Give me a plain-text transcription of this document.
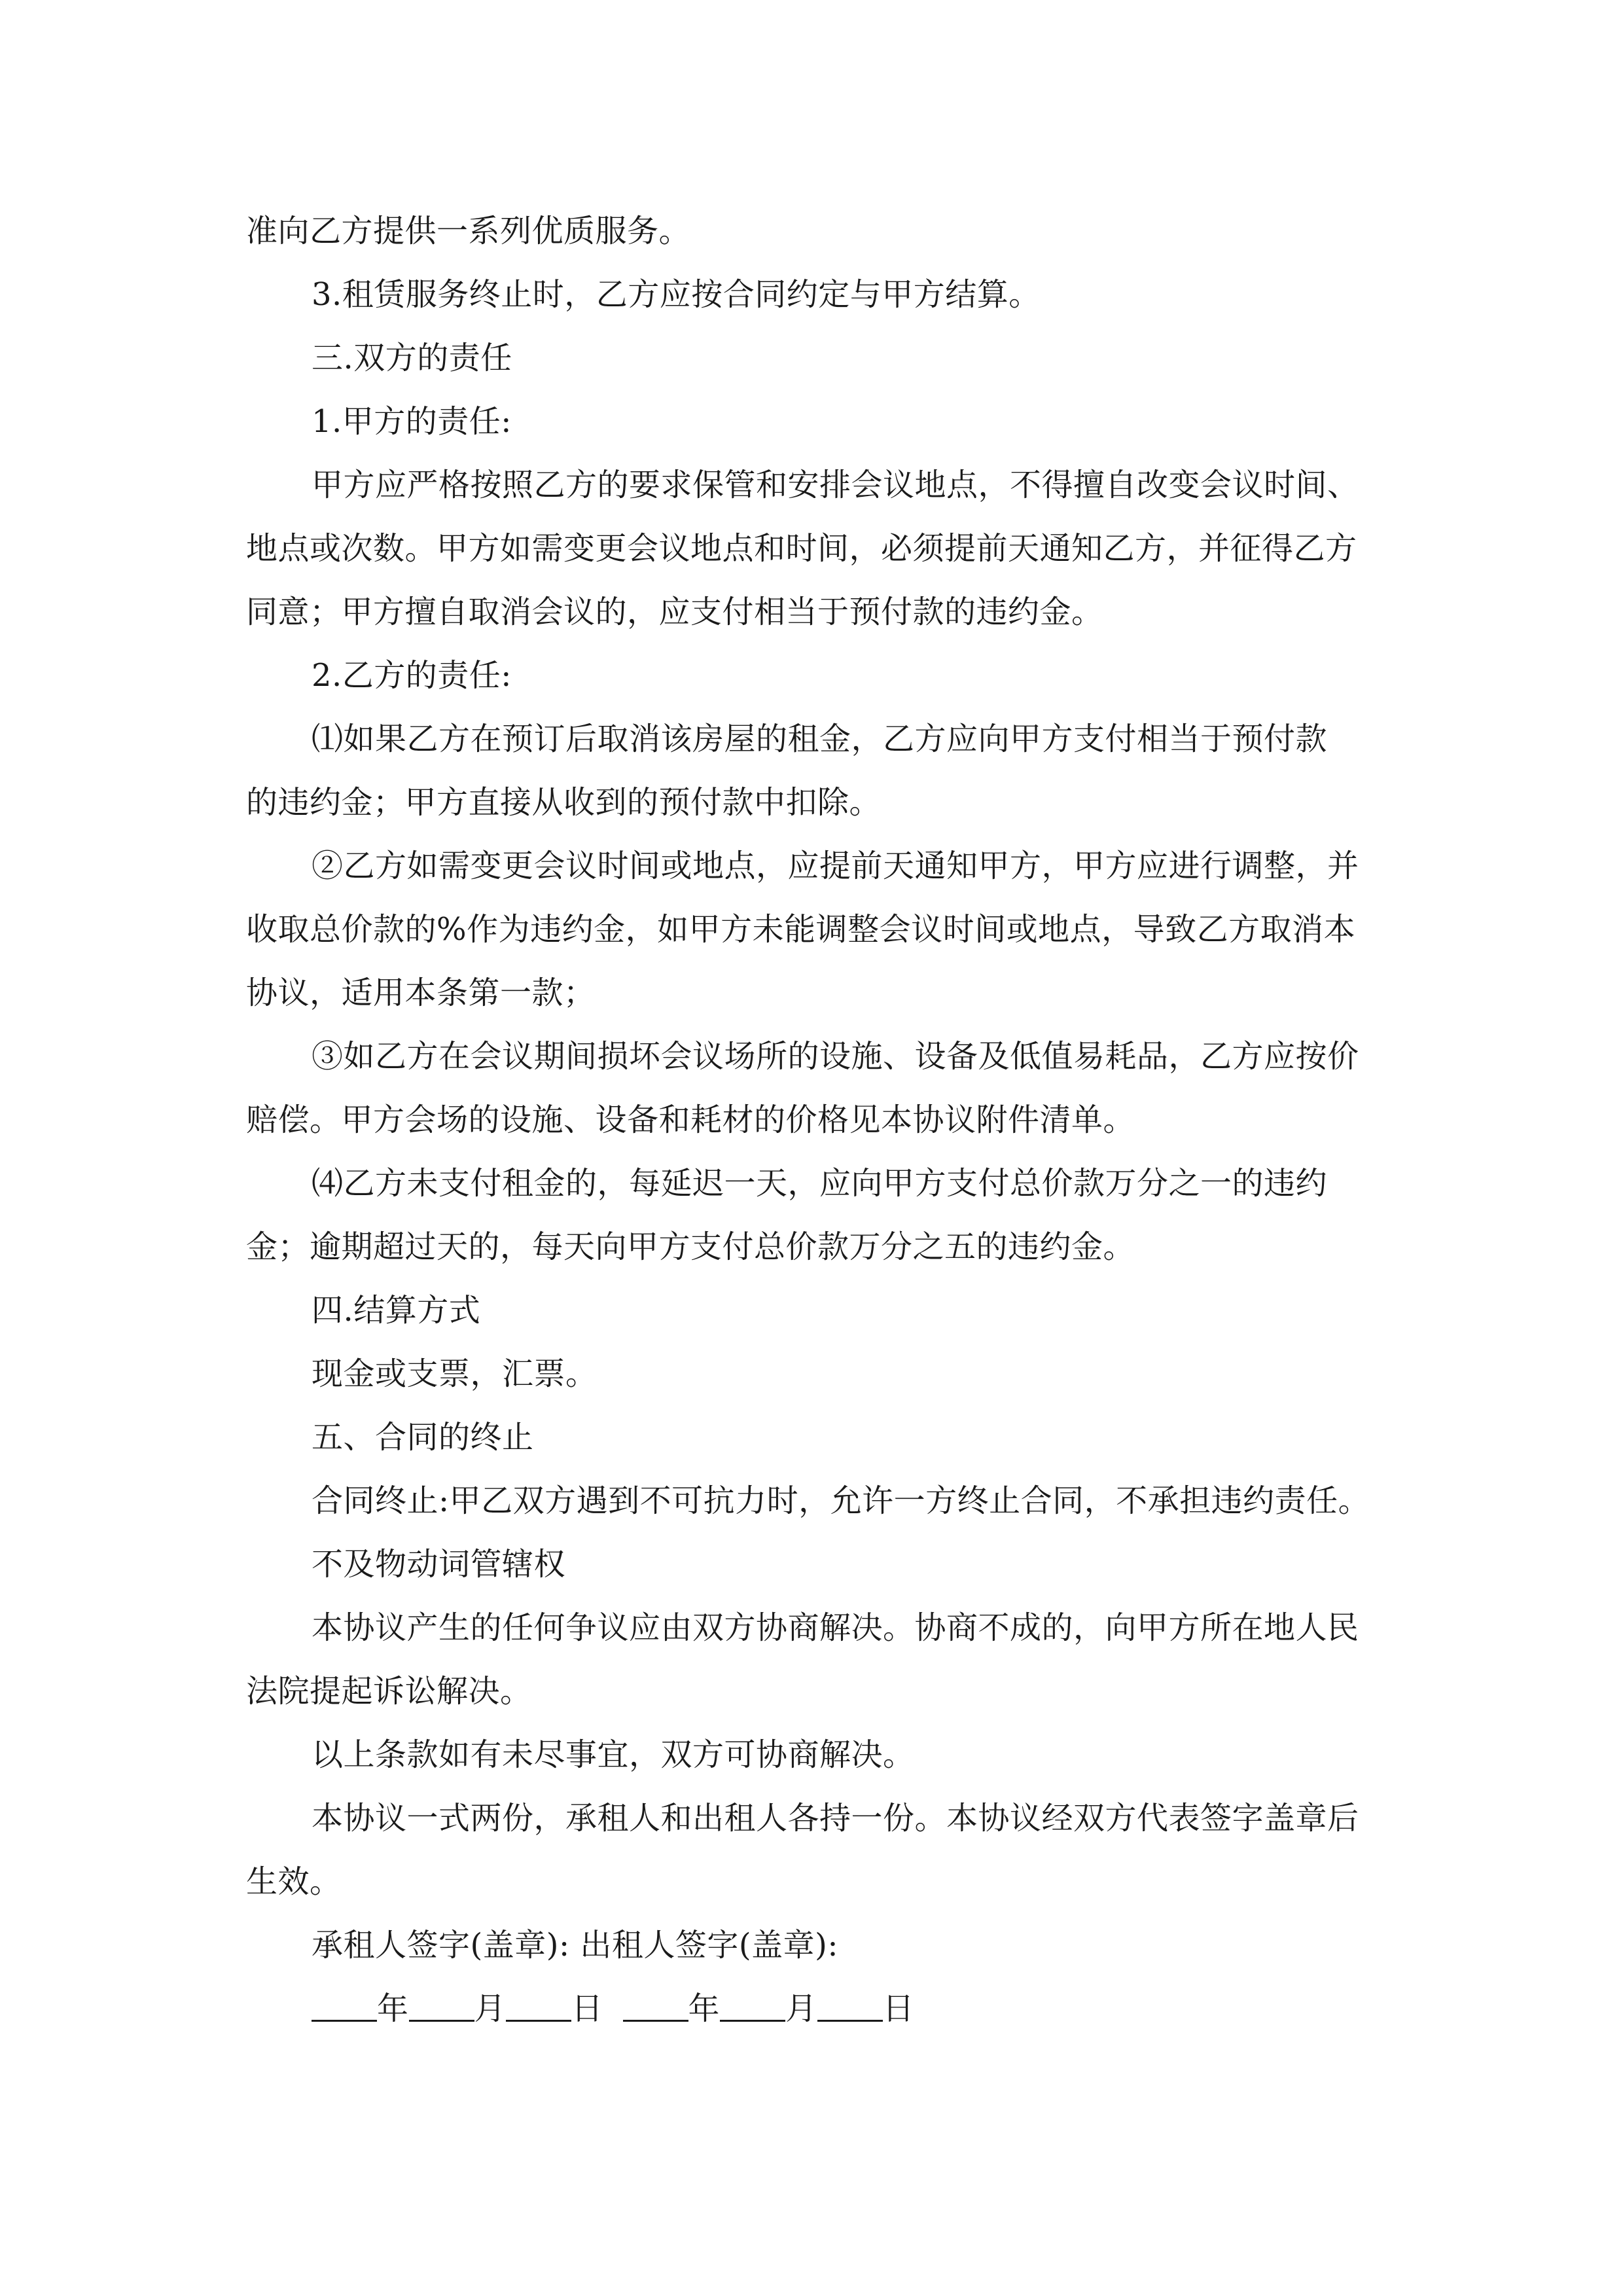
准向乙方提供一系列优质服务。
3.租赁服务终止时，乙方应按合同约定与甲方结算。
三.双方的责任
1.甲方的责任:
甲方应严格按照乙方的要求保管和安排会议地点，不得擅自改变会议时间、
地点或次数。甲方如需变更会议地点和时间，必须提前天通知乙方，并征得乙方
同意；甲方擅自取消会议的，应支付相当于预付款的违约金。
2.乙方的责任:
⑴如果乙方在预订后取消该房屋的租金，乙方应向甲方支付相当于预付款
的违约金；甲方直接从收到的预付款中扣除。
②乙方如需变更会议时间或地点，应提前天通知甲方，甲方应进行调整，并
收取总价款的%作为违约金，如甲方未能调整会议时间或地点，导致乙方取消本
协议，适用本条第一款；
③如乙方在会议期间损坏会议场所的设施、设备及低值易耗品，乙方应按价
赔偿。甲方会场的设施、设备和耗材的价格见本协议附件清单。
⑷乙方未支付租金的，每延迟一天，应向甲方支付总价款万分之一的违约
金；逾期超过天的，每天向甲方支付总价款万分之五的违约金。
四.结算方式
现金或支票，汇票。
五、合同的终止
合同终止:甲乙双方遇到不可抗力时，允许一方终止合同，不承担违约责任。
不及物动词管辖权
本协议产生的任何争议应由双方协商解决。协商不成的，向甲方所在地人民
法院提起诉讼解决。
以上条款如有未尽事宜，双方可协商解决。
本协议一式两份，承租人和出租人各持一份。本协议经双方代表签字盖章后
生效。
承租人签字(盖章): 出租人签字(盖章):
年 月 日	年 月 日
